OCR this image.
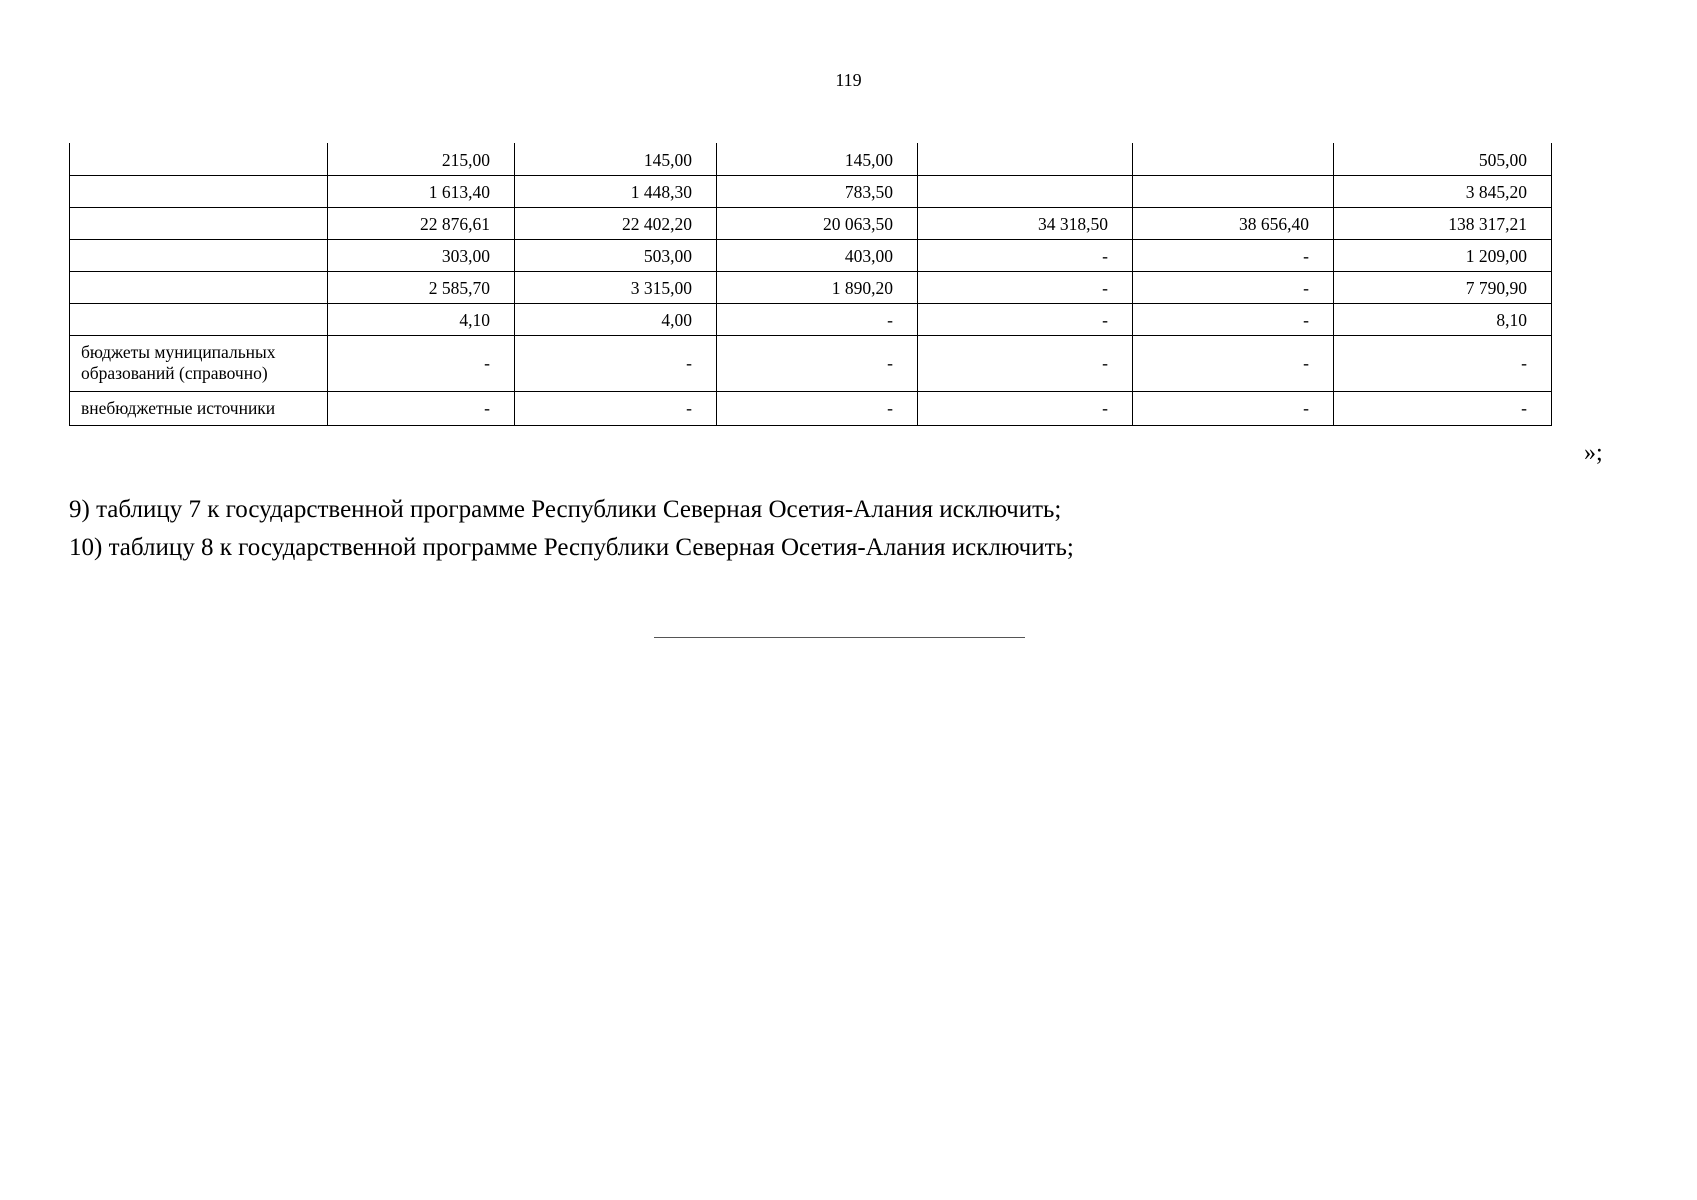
119
	215,00	145,00	145,00			505,00
	1 613,40	1 448,30	783,50			3 845,20
	22 876,61	22 402,20	20 063,50	34 318,50	38 656,40	138 317,21
	303,00	503,00	403,00	-	-	1 209,00
	2 585,70	3 315,00	1 890,20	-	-	7 790,90
	4,10	4,00	-	-	-	8,10
бюджеты муниципальных образований (справочно)	-	-	-	-	-	-
внебюджетные источники	-	-	-	-	-	-
»;
9) таблицу 7 к государственной программе Республики Северная Осетия-Алания исключить;
10) таблицу 8 к государственной программе Республики Северная Осетия-Алания исключить;
